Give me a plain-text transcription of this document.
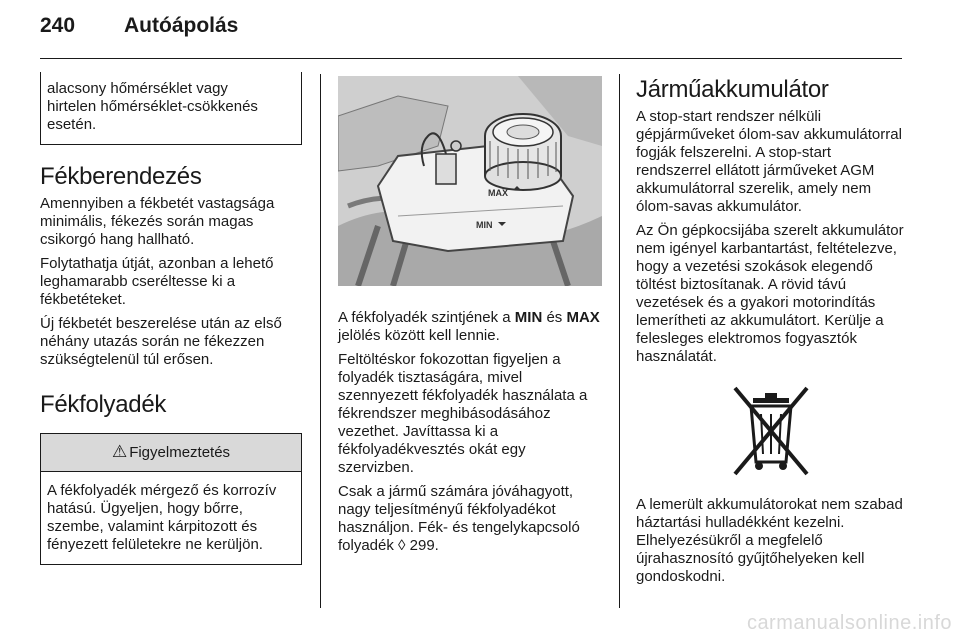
240	Autóápolás
alacsony hőmérséklet vagy
hirtelen hőmérséklet-csökkenés
esetén.
Fékberendezés

Amennyiben a fékbetét vastagsága minimális, fékezés során magas csikorgó hang hallható.

Folytathatja útját, azonban a lehető leghamarabb cseréltesse ki a fékbetéteket.

Új fékbetét beszerelése után az első néhány utazás során ne fékezzen szükségtelenül túl erősen.

Fékfolyadék
⚠ Figyelmeztetés
A fékfolyadék mérgező és korrozív hatású. Ügyeljen, hogy bőrre, szembe, valamint kárpitozott és fényezett felületekre ne kerüljön.
MAX
MIN

A fékfolyadék szintjének a MIN és MAX jelölés között kell lennie.

Feltöltéskor fokozottan figyeljen a folyadék tisztaságára, mivel szennyezett fékfolyadék használata a fékrendszer meghibásodásához vezethet. Javíttassa ki a fékfolyadékvesztés okát egy szervizben.

Csak a jármű számára jóváhagyott, nagy teljesítményű fékfolyadékot használjon. Fék- és tengelykapcsoló folyadék ◊ 299.

Járműakkumulátor

A stop-start rendszer nélküli gépjárműveket ólom-sav akkumulátorral fogják felszerelni. A stop-start rendszerrel ellátott járműveket AGM akkumulátorral szerelik, amely nem ólom-savas akkumulátor.

Az Ön gépkocsijába szerelt akkumulátor nem igényel karbantartást, feltételezve, hogy a vezetési szokások elegendő töltést biztosítanak. A rövid távú vezetések és a gyakori motorindítás lemerítheti az akkumulátort. Kerülje a felesleges elektromos fogyasztók használatát.

A lemerült akkumulátorokat nem szabad háztartási hulladékként kezelni. Elhelyezésükről a megfelelő újrahasznosító gyűjtőhelyeken kell gondoskodni.

carmanualsonline.info
